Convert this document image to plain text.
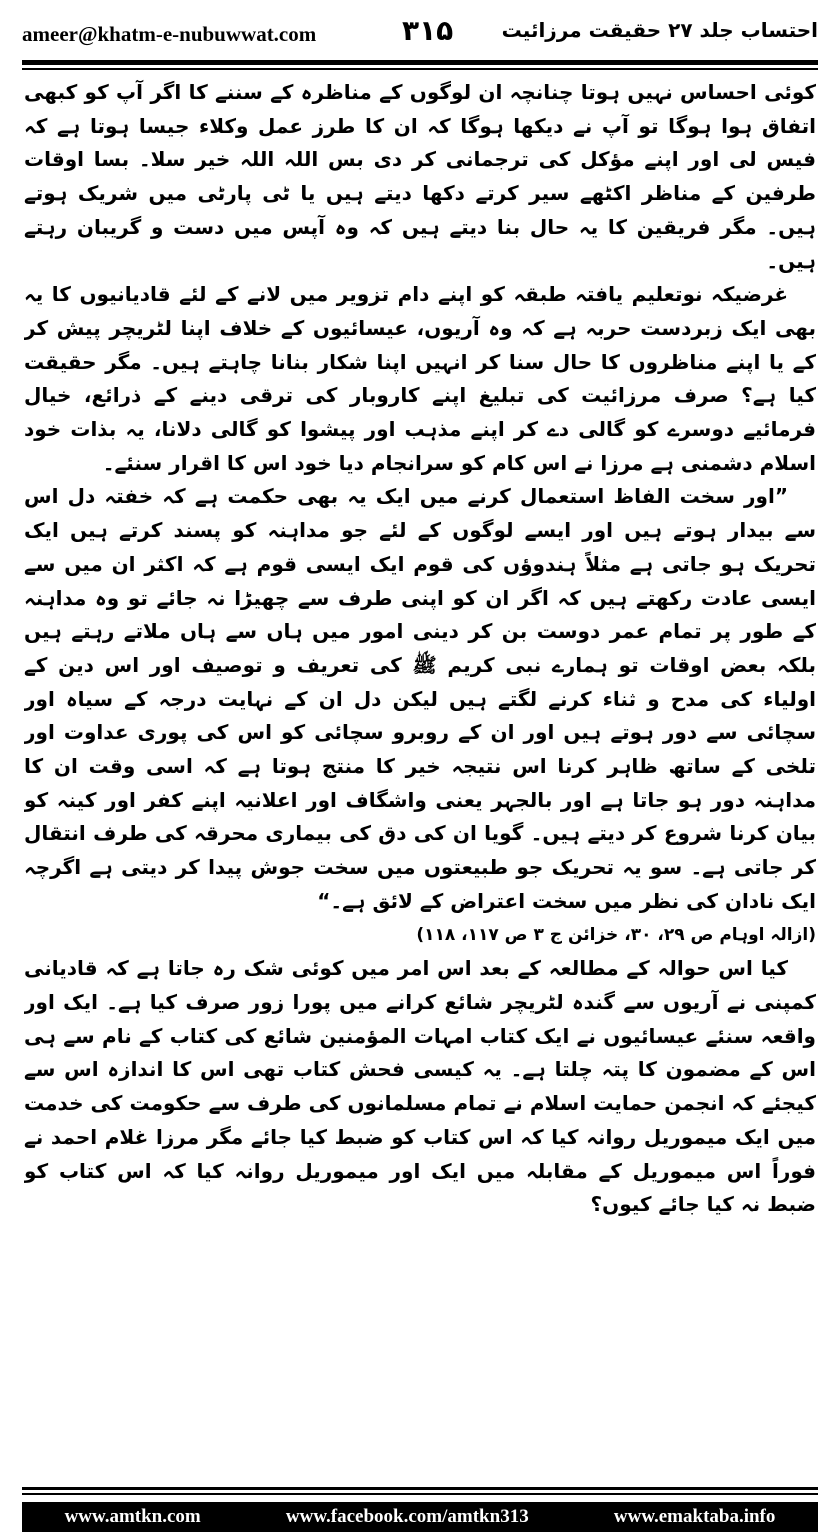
ameer@khatm-e-nubuwwat.com	۳۱۵ احتساب جلد ۲۷ حقیقت مرزائیت

کوئی احساس نہیں ہوتا چنانچہ ان لوگوں کے مناظرہ کے سننے کا اگر آپ کو کبھی اتفاق ہوا ہوگا تو آپ نے دیکھا ہوگا کہ ان کا طرز عمل وکلاء جیسا ہوتا ہے کہ فیس لی اور اپنے مؤکل کی ترجمانی کر دی بس اللہ اللہ خیر سلا۔ بسا اوقات طرفین کے مناظر اکٹھے سیر کرتے دکھا دیتے ہیں یا ٹی پارٹی میں شریک ہوتے ہیں۔ مگر فریقین کا یہ حال بنا دیتے ہیں کہ وہ آپس میں دست و گریبان رہتے ہیں۔

غرضیکہ نوتعلیم یافتہ طبقہ کو اپنے دام تزویر میں لانے کے لئے قادیانیوں کا یہ بھی ایک زبردست حربہ ہے کہ وہ آریوں، عیسائیوں کے خلاف اپنا لٹریچر پیش کر کے یا اپنے مناظروں کا حال سنا کر انہیں اپنا شکار بنانا چاہتے ہیں۔ مگر حقیقت کیا ہے؟ صرف مرزائیت کی تبلیغ اپنے کاروبار کی ترقی دینے کے ذرائع، خیال فرمائیے دوسرے کو گالی دے کر اپنے مذہب اور پیشوا کو گالی دلانا، یہ بذات خود اسلام دشمنی ہے مرزا نے اس کام کو سرانجام دیا خود اس کا اقرار سنئے۔

”اور سخت الفاظ استعمال کرنے میں ایک یہ بھی حکمت ہے کہ خفتہ دل اس سے بیدار ہوتے ہیں اور ایسے لوگوں کے لئے جو مداہنہ کو پسند کرتے ہیں ایک تحریک ہو جاتی ہے مثلاً ہندوؤں کی قوم ایک ایسی قوم ہے کہ اکثر ان میں سے ایسی عادت رکھتے ہیں کہ اگر ان کو اپنی طرف سے چھیڑا نہ جائے تو وہ مداہنہ کے طور پر تمام عمر دوست بن کر دینی امور میں ہاں سے ہاں ملاتے رہتے ہیں بلکہ بعض اوقات تو ہمارے نبی کریم ﷺ کی تعریف و توصیف اور اس دین کے اولیاء کی مدح و ثناء کرنے لگتے ہیں لیکن دل ان کے نہایت درجہ کے سیاہ اور سچائی سے دور ہوتے ہیں اور ان کے روبرو سچائی کو اس کی پوری عداوت اور تلخی کے ساتھ ظاہر کرنا اس نتیجہ خیر کا منتج ہوتا ہے کہ اسی وقت ان کا مداہنہ دور ہو جاتا ہے اور بالجہر یعنی واشگاف اور اعلانیہ اپنے کفر اور کینہ کو بیان کرنا شروع کر دیتے ہیں۔ گویا ان کی دق کی بیماری محرقہ کی طرف انتقال کر جاتی ہے۔ سو یہ تحریک جو طبیعتوں میں سخت جوش پیدا کر دیتی ہے اگرچہ ایک نادان کی نظر میں سخت اعتراض کے لائق ہے۔“

(ازالہ اوہام ص ۲۹، ۳۰، خزائن ج ۳ ص ۱۱۷، ۱۱۸)

کیا اس حوالہ کے مطالعہ کے بعد اس امر میں کوئی شک رہ جاتا ہے کہ قادیانی کمپنی نے آریوں سے گندہ لٹریچر شائع کرانے میں پورا زور صرف کیا ہے۔ ایک اور واقعہ سنئے عیسائیوں نے ایک کتاب امہات المؤمنین شائع کی کتاب کے نام سے ہی اس کے مضمون کا پتہ چلتا ہے۔ یہ کیسی فحش کتاب تھی اس کا اندازہ اس سے کیجئے کہ انجمن حمایت اسلام نے تمام مسلمانوں کی طرف سے حکومت کی خدمت میں ایک میموریل روانہ کیا کہ اس کتاب کو ضبط کیا جائے مگر مرزا غلام احمد نے فوراً اس میموریل کے مقابلہ میں ایک اور میموریل روانہ کیا کہ اس کتاب کو ضبط نہ کیا جائے کیوں؟

www.amtkn.com	www.facebook.com/amtkn313	www.emaktaba.info
